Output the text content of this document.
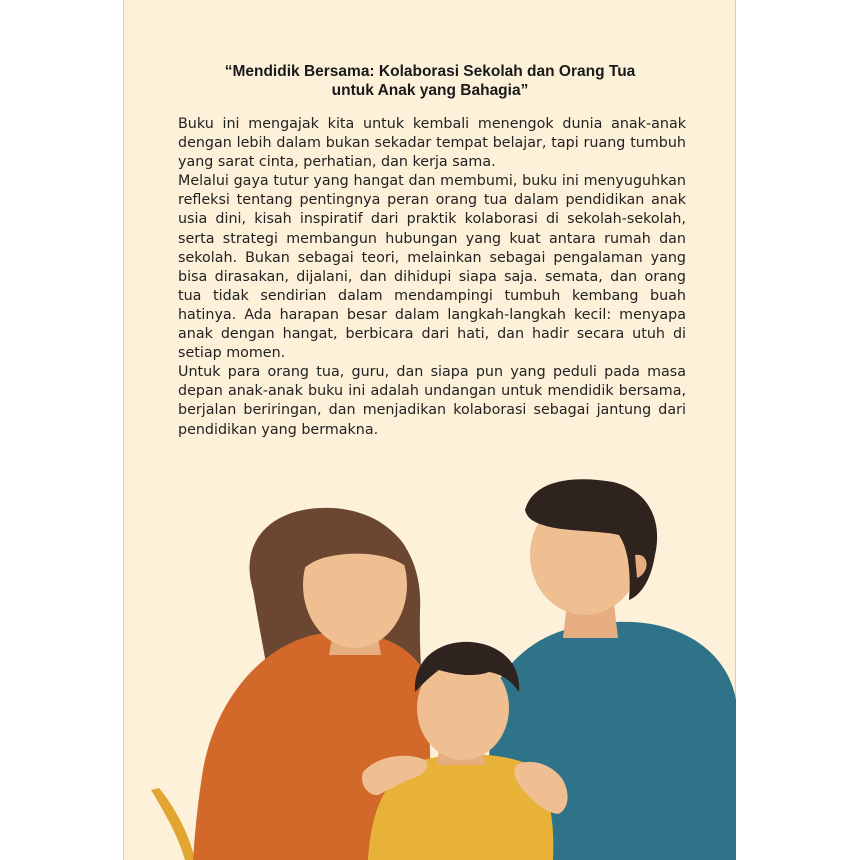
“Mendidik Bersama: Kolaborasi Sekolah dan Orang Tua
untuk Anak yang Bahagia”

Buku ini mengajak kita untuk kembali menengok dunia anak-anak dengan lebih dalam bukan sekadar tempat belajar, tapi ruang tumbuh yang sarat cinta, perhatian, dan kerja sama.

Melalui gaya tutur yang hangat dan membumi, buku ini menyuguhkan refleksi tentang pentingnya peran orang tua dalam pendidikan anak usia dini, kisah inspiratif dari praktik kolaborasi di sekolah-sekolah, serta strategi membangun hubungan yang kuat antara rumah dan sekolah. Bukan sebagai teori, melainkan sebagai pengalaman yang bisa dirasakan, dijalani, dan dihidupi siapa saja. semata, dan orang tua tidak sendirian dalam mendampingi tumbuh kembang buah hatinya. Ada harapan besar dalam langkah-langkah kecil: menyapa anak dengan hangat, berbicara dari hati, dan hadir secara utuh di setiap momen.

Untuk para orang tua, guru, dan siapa pun yang peduli pada masa depan anak-anak buku ini adalah undangan untuk mendidik bersama, berjalan beriringan, dan menjadikan kolaborasi sebagai jantung dari pendidikan yang bermakna.
